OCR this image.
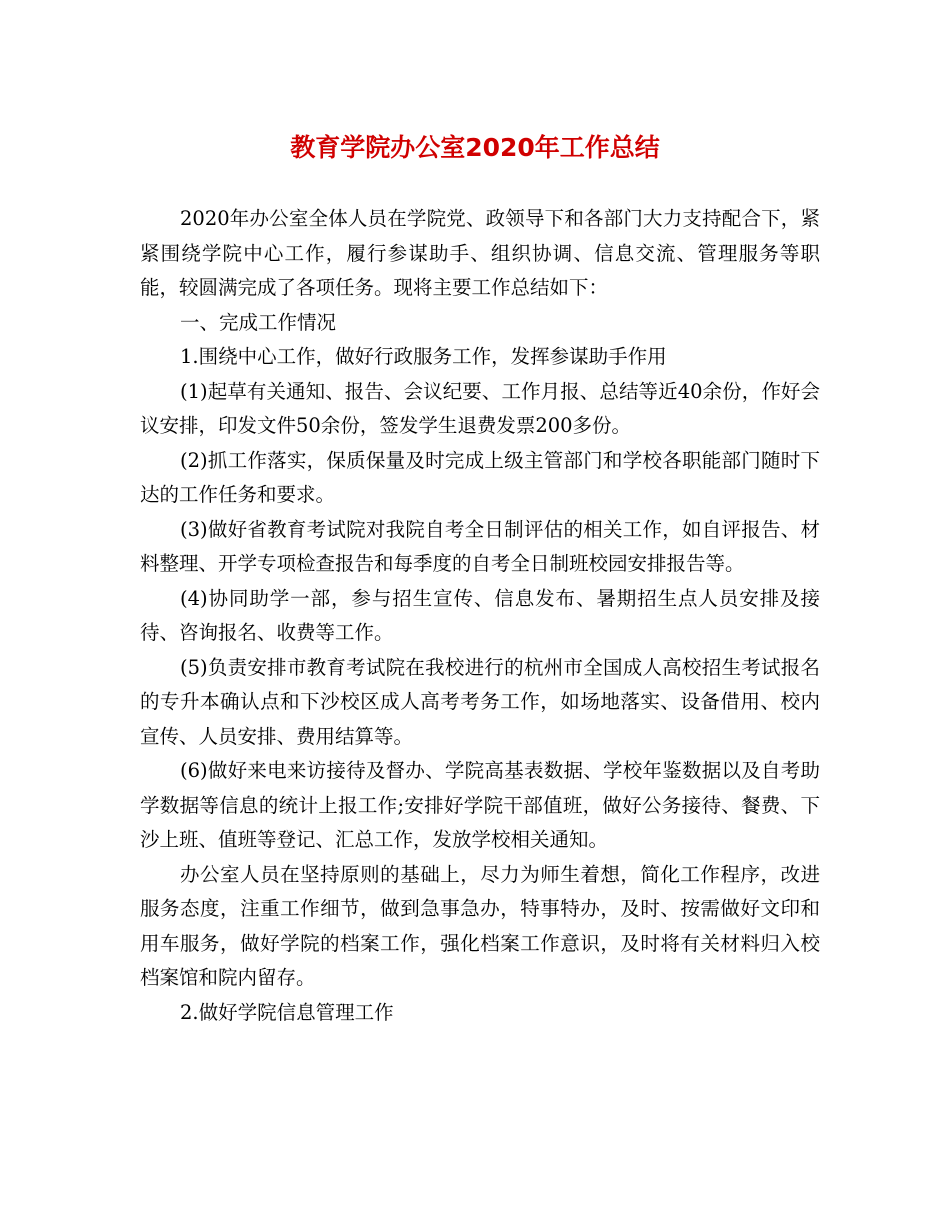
教育学院办公室2020年工作总结

2020年办公室全体人员在学院党、政领导下和各部门大力支持配合下，紧紧围绕学院中心工作，履行参谋助手、组织协调、信息交流、管理服务等职能，较圆满完成了各项任务。现将主要工作总结如下：

一、完成工作情况

1.围绕中心工作，做好行政服务工作，发挥参谋助手作用

(1)起草有关通知、报告、会议纪要、工作月报、总结等近40余份，作好会议安排，印发文件50余份，签发学生退费发票200多份。

(2)抓工作落实，保质保量及时完成上级主管部门和学校各职能部门随时下达的工作任务和要求。

(3)做好省教育考试院对我院自考全日制评估的相关工作，如自评报告、材料整理、开学专项检查报告和每季度的自考全日制班校园安排报告等。

(4)协同助学一部，参与招生宣传、信息发布、暑期招生点人员安排及接待、咨询报名、收费等工作。

(5)负责安排市教育考试院在我校进行的杭州市全国成人高校招生考试报名的专升本确认点和下沙校区成人高考考务工作，如场地落实、设备借用、校内宣传、人员安排、费用结算等。

(6)做好来电来访接待及督办、学院高基表数据、学校年鉴数据以及自考助学数据等信息的统计上报工作;安排好学院干部值班，做好公务接待、餐费、下沙上班、值班等登记、汇总工作，发放学校相关通知。

办公室人员在坚持原则的基础上，尽力为师生着想，简化工作程序，改进服务态度，注重工作细节，做到急事急办，特事特办，及时、按需做好文印和用车服务，做好学院的档案工作，强化档案工作意识，及时将有关材料归入校档案馆和院内留存。

2.做好学院信息管理工作
